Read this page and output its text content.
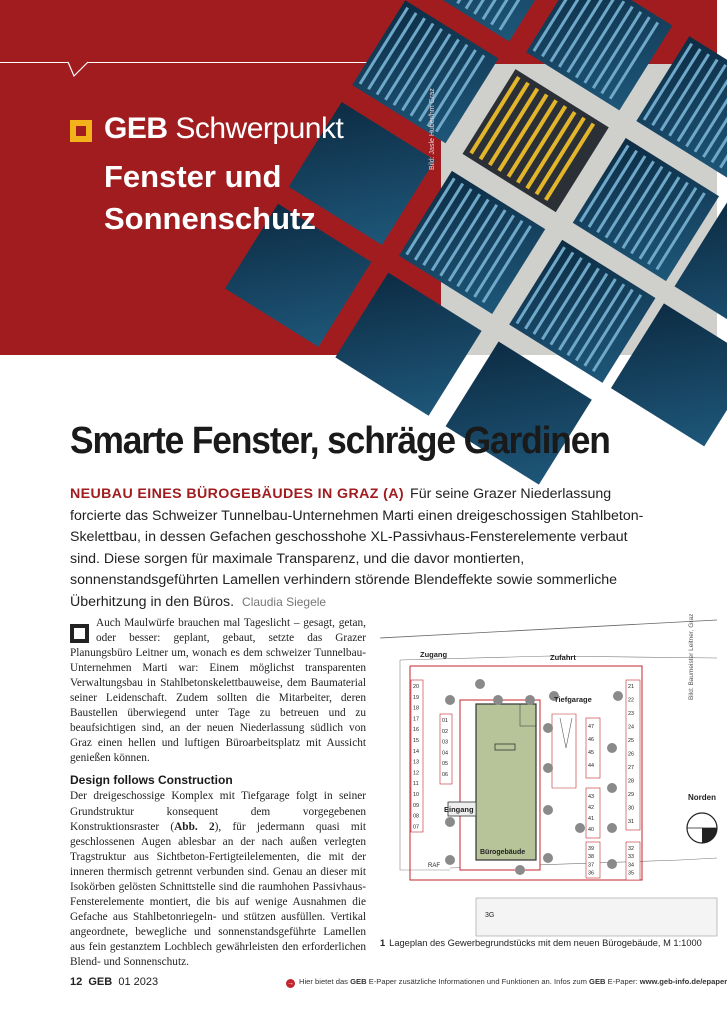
Bild: Jasle Huber/hm Graz
GEB Schwerpunkt
Fenster und Sonnenschutz
Smarte Fenster, schräge Gardinen
NEUBAU EINES BÜROGEBÄUDES IN GRAZ (A) Für seine Grazer Niederlassung forcierte das Schweizer Tunnelbau-Unternehmen Marti einen dreigeschossigen Stahlbeton-Skelettbau, in dessen Gefachen geschosshohe XL-Passivhaus-Fensterelemente verbaut sind. Diese sorgen für maximale Transparenz, und die davor montierten, sonnenstandsgeführten Lamellen verhindern störende Blendeffekte sowie sommerliche Überhitzung in den Büros. Claudia Siegele

Auch Maulwürfe brauchen mal Tageslicht – gesagt, getan, oder besser: geplant, gebaut, setzte das Grazer Planungsbüro Leitner um, wonach es dem schweizer Tunnelbau-Unternehmen Marti war: Einem möglichst transparenten Verwaltungsbau in Stahlbetonskelettbauweise, dem Baumaterial seiner Leidenschaft. Zudem sollten die Mitarbeiter, deren Baustellen überwiegend unter Tage zu betreuen und zu beaufsichtigen sind, an der neuen Niederlassung südlich von Graz einen hellen und luftigen Büroarbeitsplatz mit Aussicht genießen können.

Design follows Construction

Der dreigeschossige Komplex mit Tiefgarage folgt in seiner Grundstruktur konsequent dem vorgegebenen Konstruktionsraster (Abb. 2), für jedermann quasi mit geschlossenen Augen ablesbar an der nach außen verlegten Tragstruktur aus Sichtbeton-Fertigteilelementen, die mit der inneren thermisch getrennt verbunden sind. Genau an dieser mit Isokörben gelösten Schnittstelle sind die raumhohen Passivhaus-Fensterelemente montiert, die bis auf wenige Ausnahmen die Gefache aus Stahlbetonriegeln- und stützen ausfüllen. Vertikal angeordnete, bewegliche und sonnenstandsgeführte Lamellen aus fein gestanztem Lochblech gewährleisten den erforderlichen Blend- und Sonnenschutz.

Zugang	Zufahrt
Tiefgarage
Eingang
Bürogebäude
Norden
RAF
3G
20
19
18
17
16
15
14
13
12
11
10
09
08
07
01
02
03
04
05
06
47
46
45
44
43
42
41
40
39
38
37
36
21
22
23
24
25
26
27
28
29
30
31
32
33
34
35
Bild: Baumeister Leitner, Graz
1 Lageplan des Gewerbegrundstücks mit dem neuen Bürogebäude, M 1:1000
12 GEB 01 2023	→ Hier bietet das GEB E-Paper zusätzliche Informationen und Funktionen an. Infos zum GEB E-Paper: www.geb-info.de/epaper
